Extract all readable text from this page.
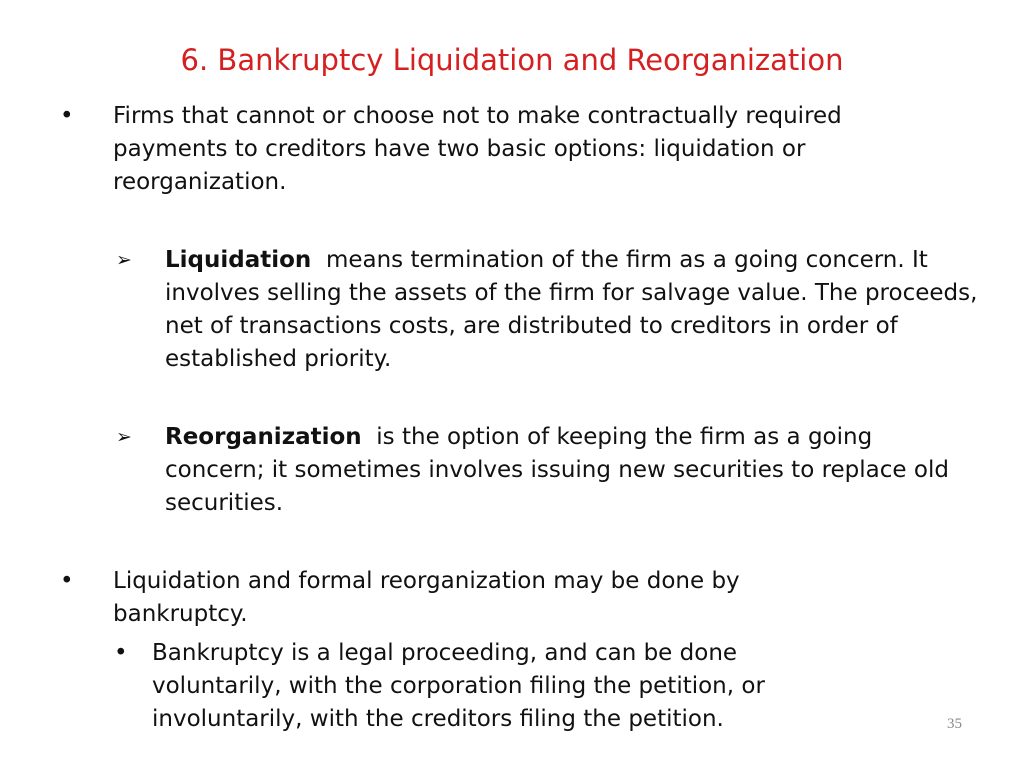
6. Bankruptcy Liquidation and Reorganization
• Firms that cannot or choose not to make contractually required payments to creditors have two basic options: liquidation or reorganization.
➢ Liquidation means termination of the firm as a going concern. It involves selling the assets of the firm for salvage value. The proceeds, net of transactions costs, are distributed to creditors in order of established priority.
➢ Reorganization is the option of keeping the firm as a going concern; it sometimes involves issuing new securities to replace old securities.
• Liquidation and formal reorganization may be done by bankruptcy.
• Bankruptcy is a legal proceeding, and can be done voluntarily, with the corporation filing the petition, or involuntarily, with the creditors filing the petition.	35
